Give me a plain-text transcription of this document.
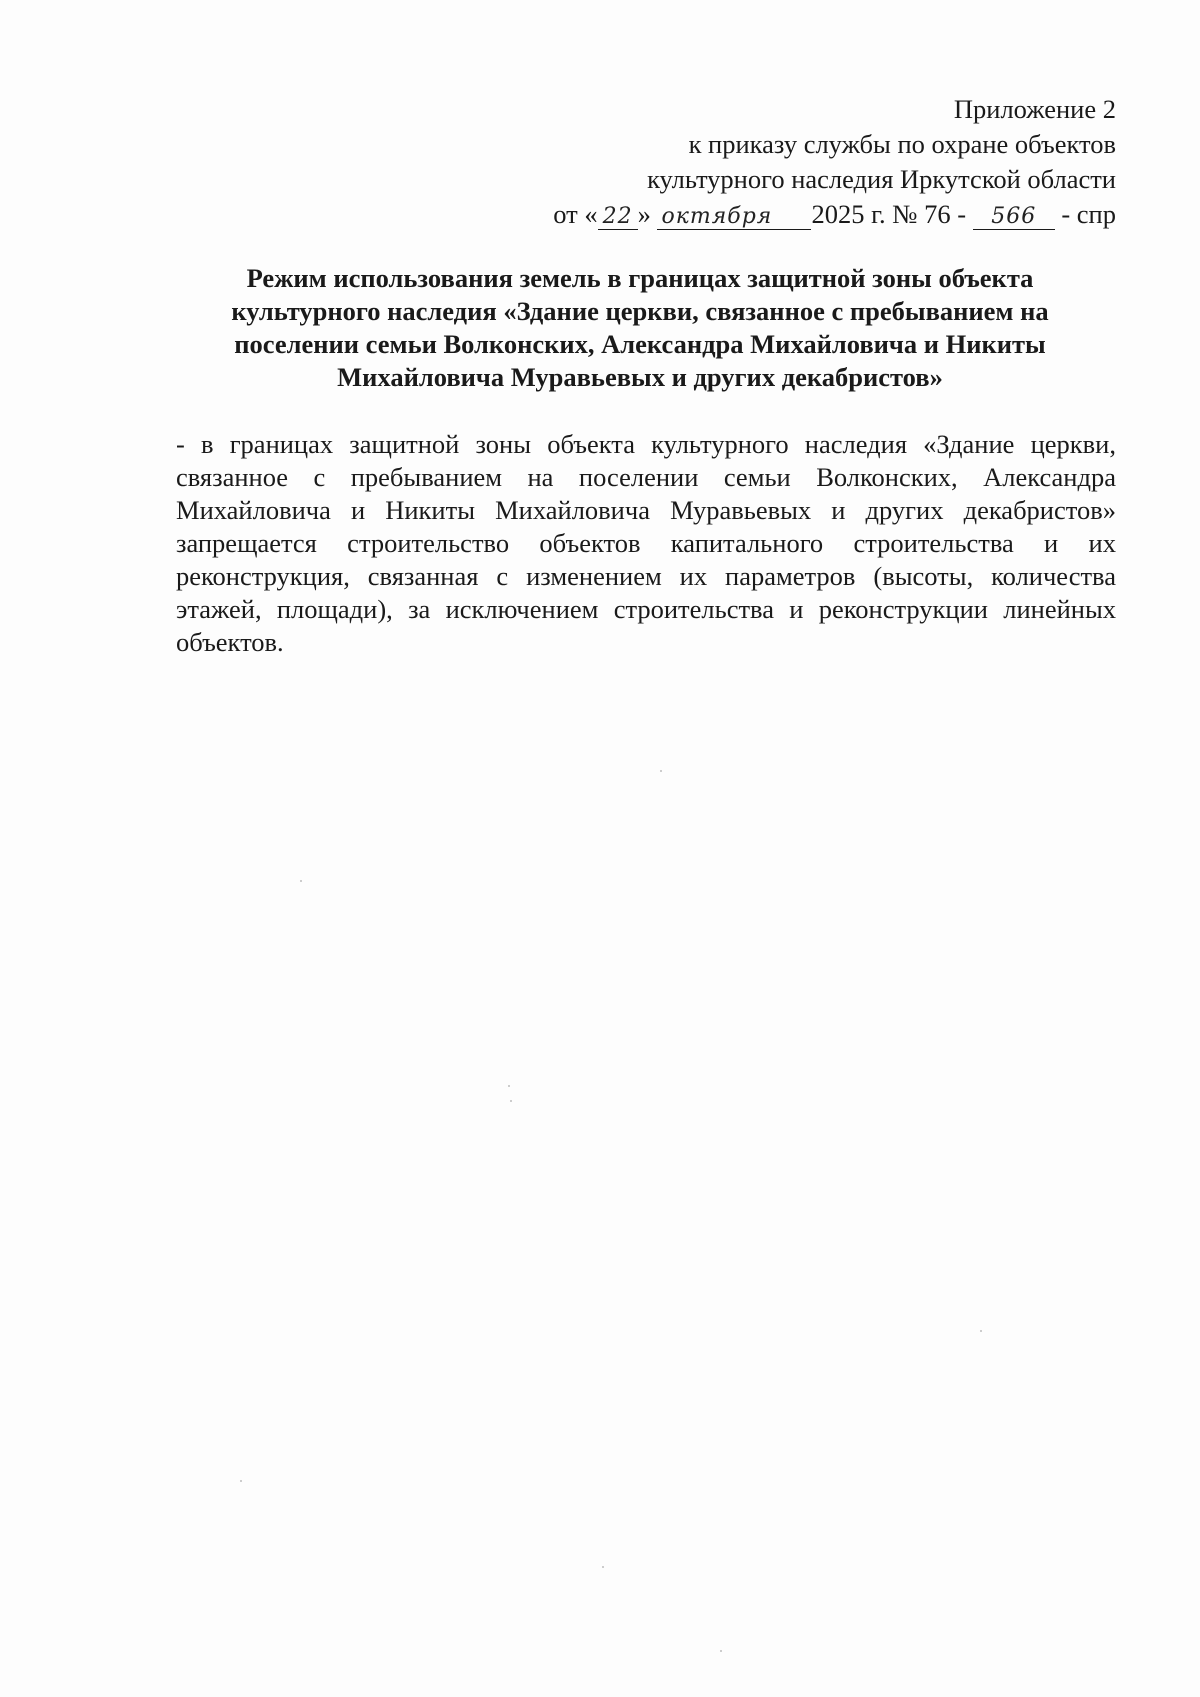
Приложение 2
к приказу службы по охране объектов
культурного наследия Иркутской области
от « 22 » октября 2025 г. № 76 - 566 - спр
Режим использования земель в границах защитной зоны объекта
культурного наследия «Здание церкви, связанное с пребыванием на
поселении семьи Волконских, Александра Михайловича и Никиты
Михайловича Муравьевых и других декабристов»
- в границах защитной зоны объекта культурного наследия «Здание церкви,
связанное с пребыванием на поселении семьи Волконских, Александра
Михайловича и Никиты Михайловича Муравьевых и других декабристов»
запрещается строительство объектов капитального строительства и их
реконструкция, связанная с изменением их параметров (высоты, количества
этажей, площади), за исключением строительства и реконструкции линейных
объектов.
